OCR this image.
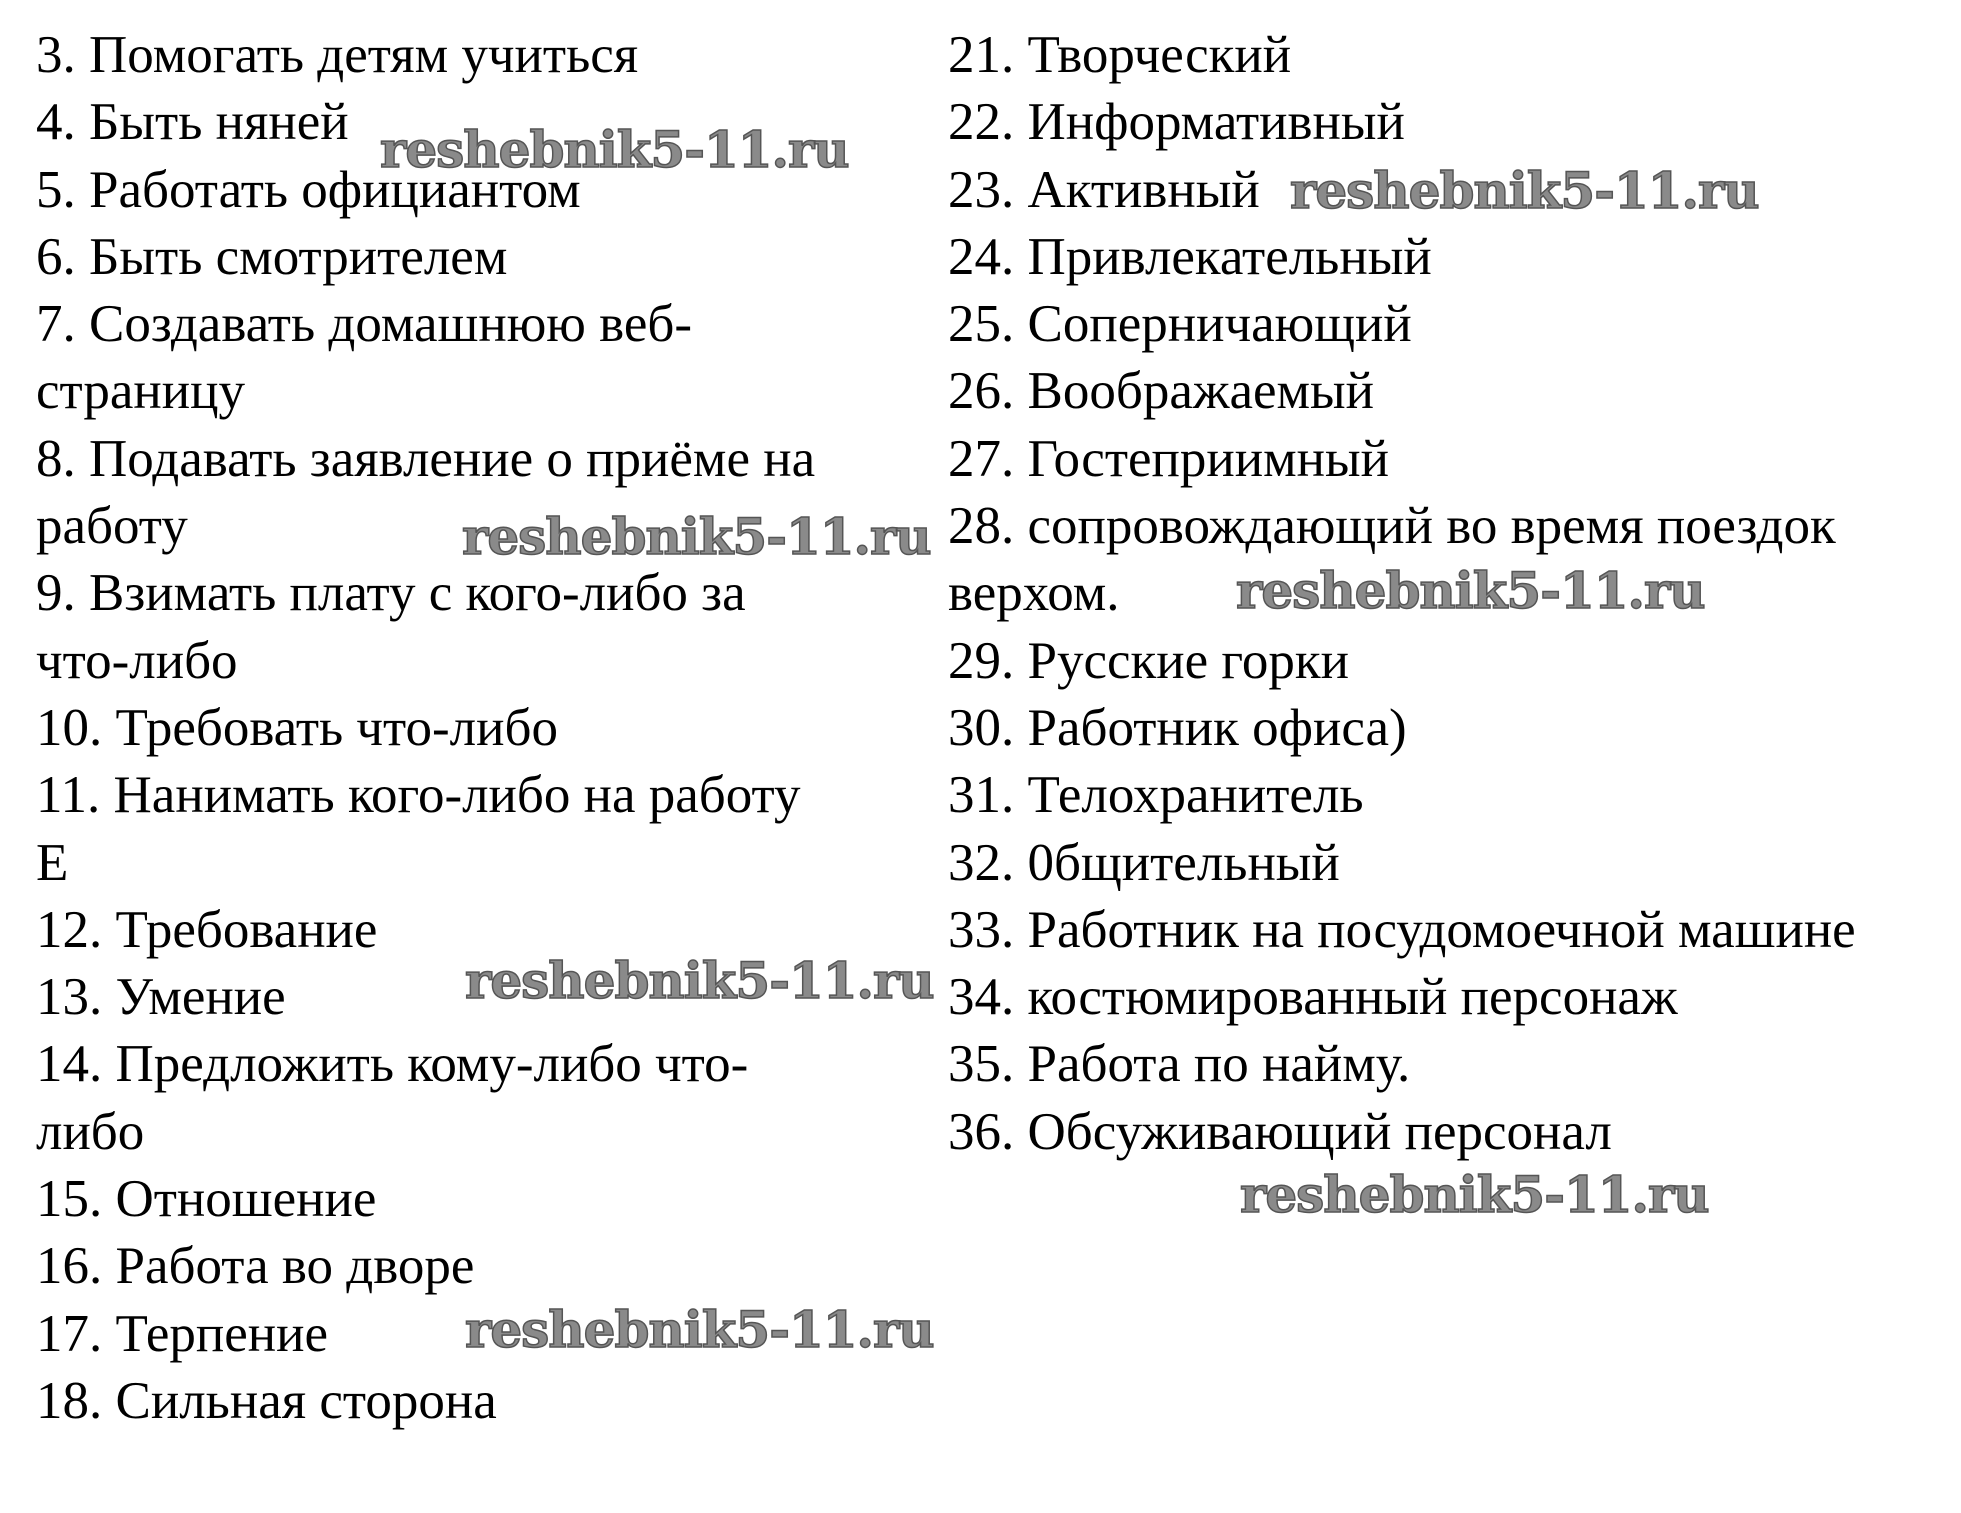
3. Помогать детям учиться
4. Быть няней
5. Работать официантом
6. Быть смотрителем
7. Создавать домашнюю веб-
страницу
8. Подавать заявление о приёме на
работу
9. Взимать плату с кого-либо за
что-либо
10. Требовать что-либо
11. Нанимать кого-либо на работу
Е
12. Требование
13. Умение
14. Предложить кому-либо что-
либо
15. Отношение
16. Работа во дворе
17. Терпение
18. Сильная сторона
21. Творческий
22. Информативный
23. Активный
24. Привлекательный
25. Соперничающий
26. Воображаемый
27. Гостеприимный
28. сопровождающий во время поездок
верхом.
29. Русские горки
30. Работник офиса)
31. Телохранитель
32. 0бщительный
33. Работник на посудомоечной машине
34. костюмированный персонаж
35. Работа по найму.
36. Обсуживающий персонал
reshebnik5-11.ru
reshebnik5-11.ru
reshebnik5-11.ru
reshebnik5-11.ru
reshebnik5-11.ru
reshebnik5-11.ru
reshebnik5-11.ru
